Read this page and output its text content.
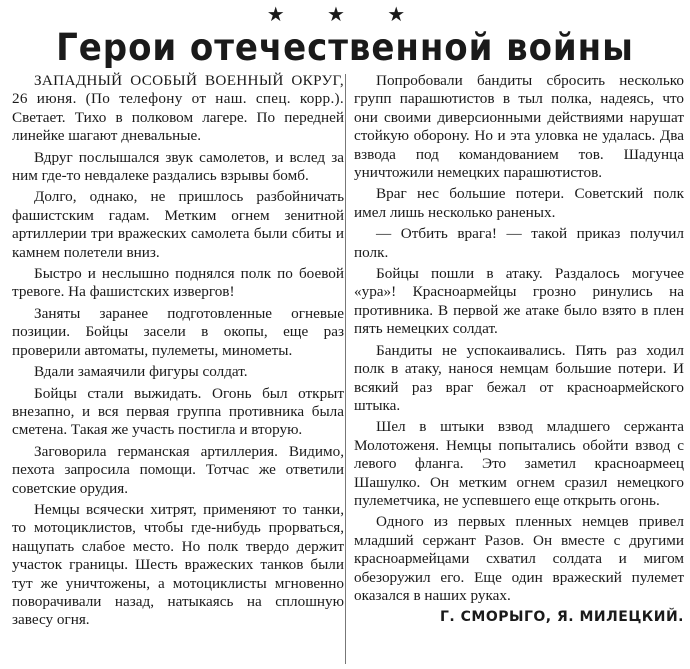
★ ★ ★
Герои отечественной войны

ЗАПАДНЫЙ ОСОБЫЙ ВОЕННЫЙ ОКРУГ, 26 июня. (По телефону от наш. спец. корр.). Светает. Тихо в полковом лагере. По передней линейке шагают дневальные.

Вдруг послышался звук самолетов, и вслед за ним где-то невдалеке раздались взрывы бомб.

Долго, однако, не пришлось разбойничать фашистским гадам. Метким огнем зенитной артиллерии три вражеских самолета были сбиты и камнем полетели вниз.

Быстро и неслышно поднялся полк по боевой тревоге. На фашистских извергов!

Заняты заранее подготовленные огневые позиции. Бойцы засели в окопы, еще раз проверили автоматы, пулеметы, минометы.

Вдали замаячили фигуры солдат.

Бойцы стали выжидать. Огонь был открыт внезапно, и вся первая группа противника была сметена. Такая же участь постигла и вторую.

Заговорила германская артиллерия. Видимо, пехота запросила помощи. Тотчас же ответили советские орудия.

Немцы всячески хитрят, применяют то танки, то мотоциклистов, чтобы где-нибудь прорваться, нащупать слабое место. Но полк твердо держит участок границы. Шесть вражеских танков были тут же уничтожены, а мотоциклисты мгновенно поворачивали назад, натыкаясь на сплошную завесу огня.

Попробовали бандиты сбросить несколько групп парашютистов в тыл полка, надеясь, что они своими диверсионными действиями нарушат стойкую оборону. Но и эта уловка не удалась. Два взвода под командованием тов. Шадунца уничтожили немецких парашютистов.

Враг нес большие потери. Советский полк имел лишь несколько раненых.

— Отбить врага! — такой приказ получил полк.

Бойцы пошли в атаку. Раздалось могучее «ура»! Красноармейцы грозно ринулись на противника. В первой же атаке было взято в плен пять немецких солдат.

Бандиты не успокаивались. Пять раз ходил полк в атаку, нанося немцам большие потери. И всякий раз враг бежал от красноармейского штыка.

Шел в штыки взвод младшего сержанта Молотоженя. Немцы попытались обойти взвод с левого фланга. Это заметил красноармеец Шашулко. Он метким огнем сразил немецкого пулеметчика, не успевшего еще открыть огонь.

Одного из первых пленных немцев привел младший сержант Разов. Он вместе с другими красноармейцами схватил солдата и мигом обезоружил его. Еще один вражеский пулемет оказался в наших руках.

Г. СМОРЫГО, Я. МИЛЕЦКИЙ.
